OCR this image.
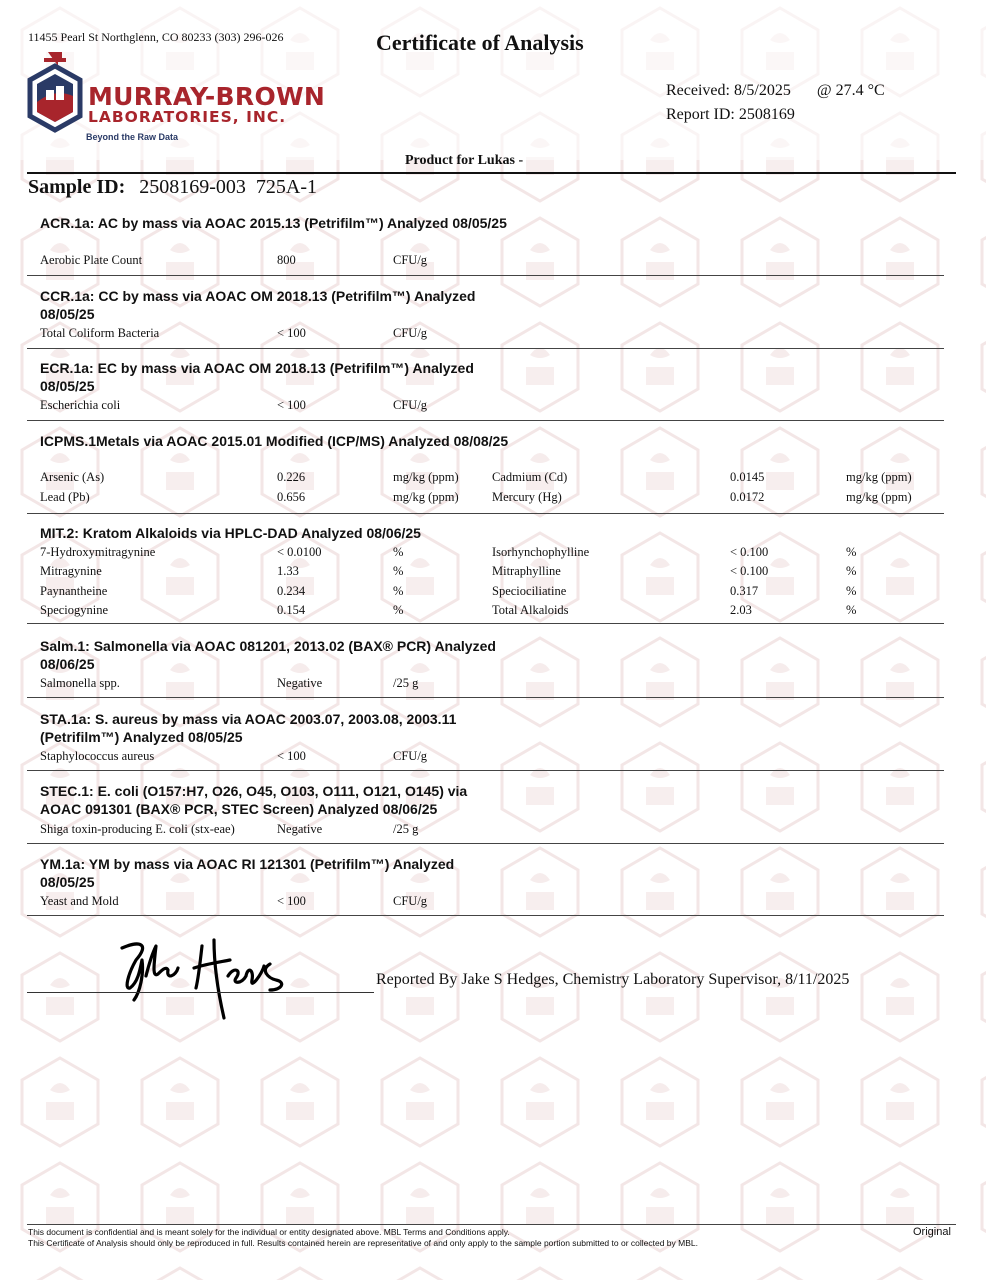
11455 Pearl St Northglenn, CO 80233 (303) 296-026	Certificate of Analysis
MURRAY-BROWN
LABORATORIES, INC.
Beyond the Raw Data
Received: 8/5/2025 @ 27.4 °C
Report ID: 2508169
Product for Lukas -
Sample ID: 2508169-003 725A-1
ACR.1a: AC by mass via AOAC 2015.13 (Petrifilm™) Analyzed 08/05/25
Aerobic Plate Count	800	CFU/g
CCR.1a: CC by mass via AOAC OM 2018.13 (Petrifilm™) Analyzed 08/05/25
Total Coliform Bacteria	< 100	CFU/g
ECR.1a: EC by mass via AOAC OM 2018.13 (Petrifilm™) Analyzed 08/05/25
Escherichia coli	< 100	CFU/g
ICPMS.1Metals via AOAC 2015.01 Modified (ICP/MS) Analyzed 08/08/25
Arsenic (As)	0.226	mg/kg (ppm)	Cadmium (Cd)	0.0145	mg/kg (ppm)
Lead (Pb)	0.656	mg/kg (ppm)	Mercury (Hg)	0.0172	mg/kg (ppm)
MIT.2: Kratom Alkaloids via HPLC-DAD Analyzed 08/06/25
7-Hydroxymitragynine	< 0.0100	%	Isorhynchophylline	< 0.100	%
Mitragynine	1.33	%	Mitraphylline	< 0.100	%
Paynantheine	0.234	%	Speciociliatine	0.317	%
Speciogynine	0.154	%	Total Alkaloids	2.03	%
Salm.1: Salmonella via AOAC 081201, 2013.02 (BAX® PCR) Analyzed 08/06/25
Salmonella spp.	Negative	/25 g
STA.1a: S. aureus by mass via AOAC 2003.07, 2003.08, 2003.11 (Petrifilm™) Analyzed 08/05/25
Staphylococcus aureus	< 100	CFU/g
STEC.1: E. coli (O157:H7, O26, O45, O103, O111, O121, O145) via AOAC 091301 (BAX® PCR, STEC Screen) Analyzed 08/06/25
Shiga toxin-producing E. coli (stx-eae)	Negative	/25 g
YM.1a: YM by mass via AOAC RI 121301 (Petrifilm™) Analyzed 08/05/25
Yeast and Mold	< 100	CFU/g
Reported By Jake S Hedges, Chemistry Laboratory Supervisor, 8/11/2025
This document is confidential and is meant solely for the individual or entity designated above. MBL Terms and Conditions apply.
This Certificate of Analysis should only be reproduced in full. Results contained herein are representative of and only apply to the sample portion submitted to or collected by MBL.
Original
